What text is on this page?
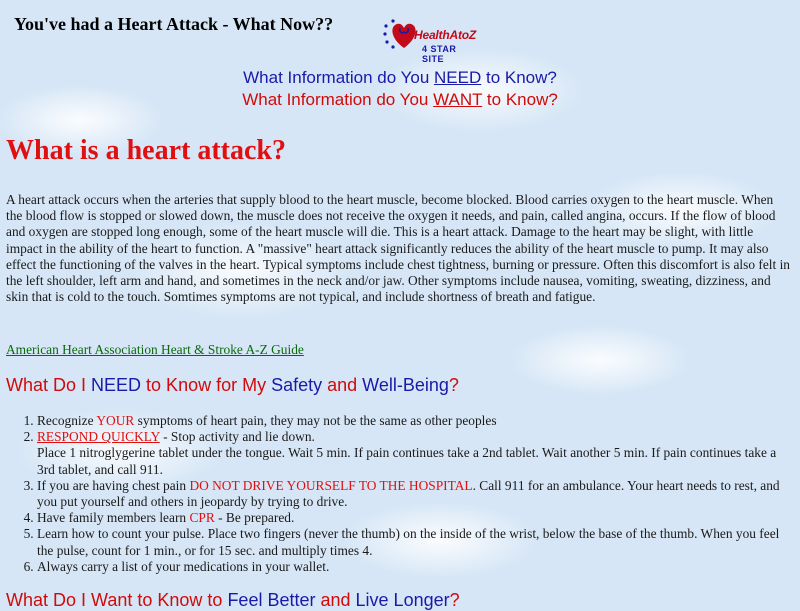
You've had a Heart Attack - What Now??
HealthAtoZ
4 STAR SITE
What Information do You NEED to Know?
What Information do You WANT to Know?
What is a heart attack?

A heart attack occurs when the arteries that supply blood to the heart muscle, become blocked. Blood carries oxygen to the heart muscle. When the blood flow is stopped or slowed down, the muscle does not receive the oxygen it needs, and pain, called angina, occurs. If the flow of blood and oxygen are stopped long enough, some of the heart muscle will die. This is a heart attack. Damage to the heart may be slight, with little impact in the ability of the heart to function. A "massive" heart attack significantly reduces the ability of the heart muscle to pump. It may also effect the functioning of the valves in the heart. Typical symptoms include chest tightness, burning or pressure. Often this discomfort is also felt in the left shoulder, left arm and hand, and sometimes in the neck and/or jaw. Other symptoms include nausea, vomiting, sweating, dizziness, and skin that is cold to the touch. Somtimes symptoms are not typical, and include shortness of breath and fatigue.

American Heart Association Heart & Stroke A-Z Guide
What Do I NEED to Know for My Safety and Well-Being?
1. Recognize YOUR symptoms of heart pain, they may not be the same as other peoples
2. RESPOND QUICKLY - Stop activity and lie down.
Place 1 nitroglygerine tablet under the tongue. Wait 5 min. If pain continues take a 2nd tablet. Wait another 5 min. If pain continues take a 3rd tablet, and call 911.
3. If you are having chest pain DO NOT DRIVE YOURSELF TO THE HOSPITAL. Call 911 for an ambulance. Your heart needs to rest, and you put yourself and others in jeopardy by trying to drive.
4. Have family members learn CPR - Be prepared.
5. Learn how to count your pulse. Place two fingers (never the thumb) on the inside of the wrist, below the base of the thumb. When you feel the pulse, count for 1 min., or for 15 sec. and multiply times 4.
6. Always carry a list of your medications in your wallet.
What Do I Want to Know to Feel Better and Live Longer?
